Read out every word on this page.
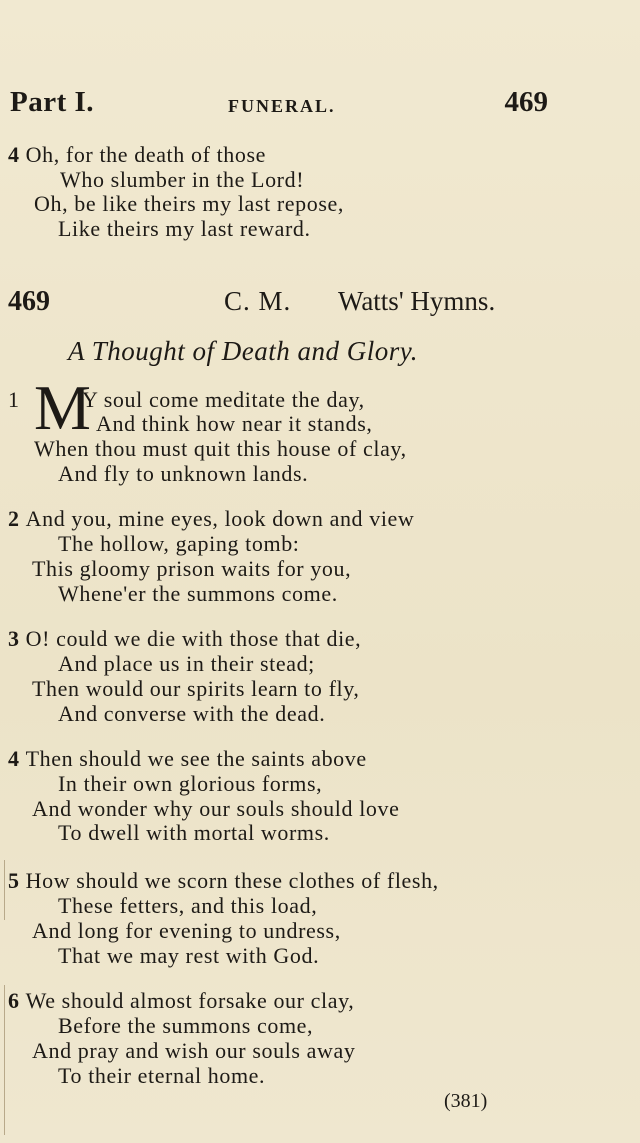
Part I.	FUNERAL.	469
4 Oh, for the death of those
Who slumber in the Lord!
Oh, be like theirs my last repose,
Like theirs my last reward.
469	C. M. Watts' Hymns.
A Thought of Death and Glory.
1 M
Y soul come meditate the day,
And think how near it stands,
When thou must quit this house of clay,
And fly to unknown lands.
2 And you, mine eyes, look down and view
The hollow, gaping tomb:
This gloomy prison waits for you,
Whene'er the summons come.
3 O! could we die with those that die,
And place us in their stead;
Then would our spirits learn to fly,
And converse with the dead.
4 Then should we see the saints above
In their own glorious forms,
And wonder why our souls should love
To dwell with mortal worms.
5 How should we scorn these clothes of flesh,
These fetters, and this load,
And long for evening to undress,
That we may rest with God.
6 We should almost forsake our clay,
Before the summons come,
And pray and wish our souls away
To their eternal home.
(381)
